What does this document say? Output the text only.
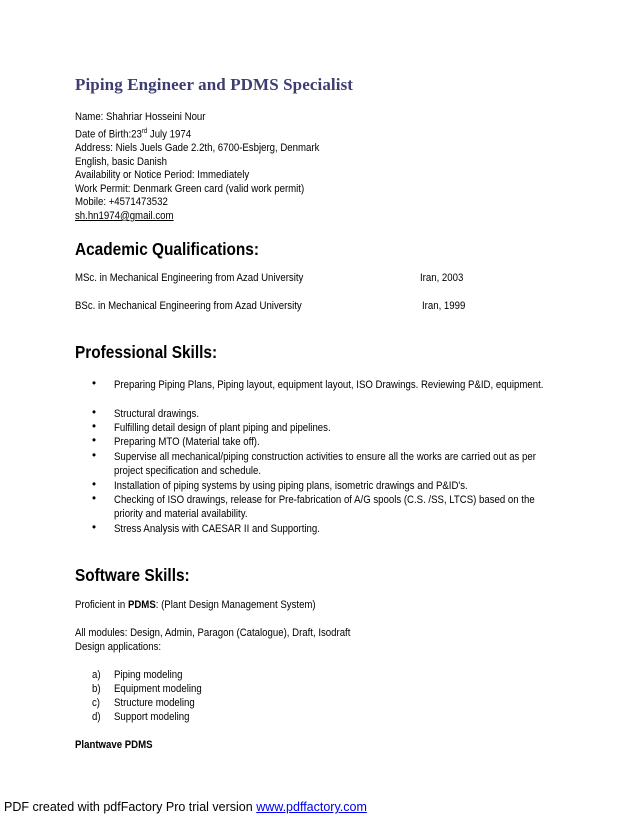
Piping Engineer and PDMS Specialist
Name: Shahriar Hosseini Nour
Date of Birth:23rd July 1974
Address: Niels Juels Gade 2.2th, 6700-Esbjerg, Denmark
English, basic Danish
Availability or Notice Period: Immediately
Work Permit: Denmark Green card (valid work permit)
Mobile: +4571473532
sh.hn1974@gmail.com
Academic Qualifications:
MSc. in Mechanical Engineering from Azad University	Iran, 2003
BSc. in Mechanical Engineering from Azad University	Iran, 1999
Professional Skills:
• Preparing Piping Plans, Piping layout, equipment layout, ISO Drawings. Reviewing P&ID, equipment.
• Structural drawings.
• Fulfilling detail design of plant piping and pipelines.
• Preparing MTO (Material take off).
• Supervise all mechanical/piping construction activities to ensure all the works are carried out as per project specification and schedule.
• Installation of piping systems by using piping plans, isometric drawings and P&ID's.
• Checking of ISO drawings, release for Pre-fabrication of A/G spools (C.S. /SS, LTCS) based on the priority and material availability.
• Stress Analysis with CAESAR II and Supporting.
Software Skills:
Proficient in PDMS: (Plant Design Management System)
All modules: Design, Admin, Paragon (Catalogue), Draft, Isodraft
Design applications:
a) Piping modeling
b) Equipment modeling
c) Structure modeling
d) Support modeling
Plantwave PDMS
PDF created with pdfFactory Pro trial version www.pdffactory.com
